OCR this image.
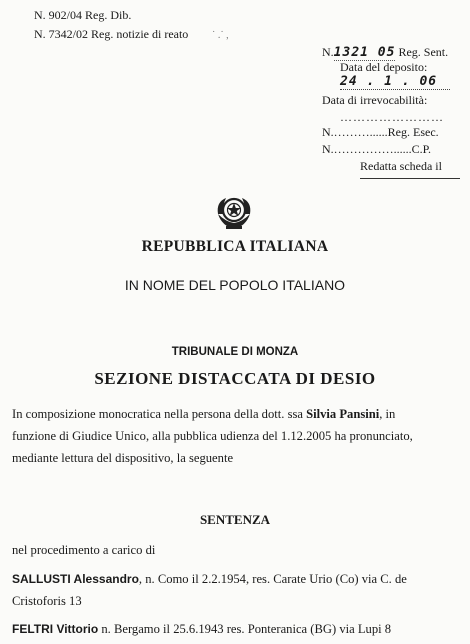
N. 902/04 Reg. Dib.
N. 7342/02 Reg. notizie di reato ˙ .˙ ,
N.1321 05 Reg. Sent.
Data del deposito:
24 . 1 . 06
Data di irrevocabilità:
……………………
N.………......Reg. Esec.
N.……………......C.P.
Redatta scheda il
REPUBBLICA ITALIANA
IN NOME DEL POPOLO ITALIANO
TRIBUNALE DI MONZA
SEZIONE DISTACCATA DI DESIO
In composizione monocratica nella persona della dott. ssa Silvia Pansini, in
funzione di Giudice Unico, alla pubblica udienza del 1.12.2005 ha pronunciato,
mediante lettura del dispositivo, la seguente
SENTENZA
nel procedimento a carico di
SALLUSTI Alessandro, n. Como il 2.2.1954, res. Carate Urio (Co) via C. de
Cristoforis 13
FELTRI Vittorio n. Bergamo il 25.6.1943 res. Ponteranica (BG) via Lupi 8
